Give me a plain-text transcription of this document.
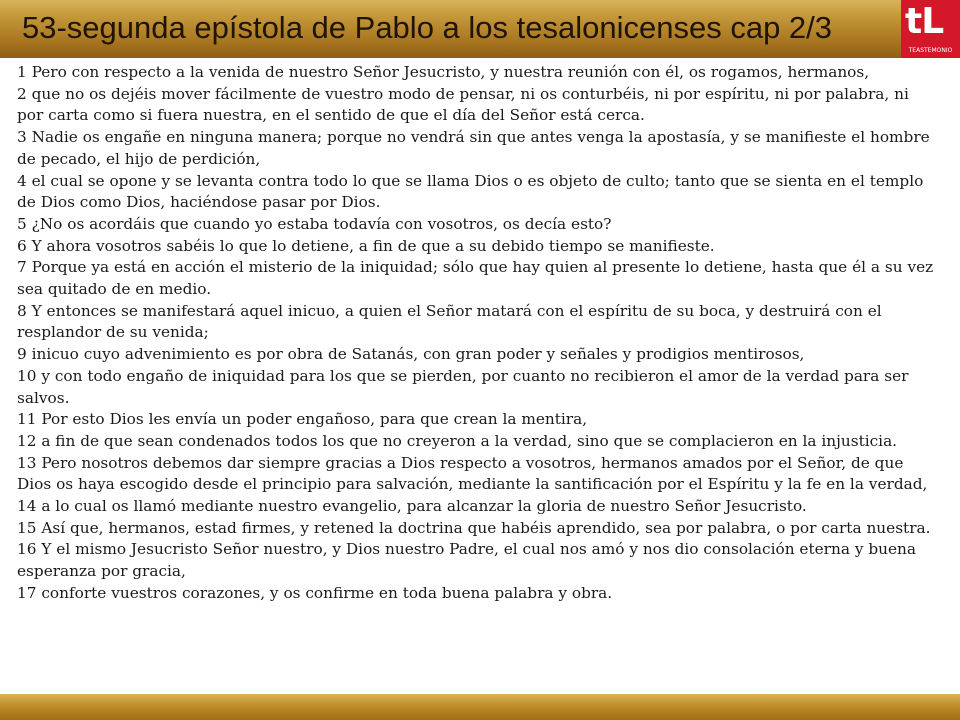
53-segunda epístola de Pablo a los tesalonicenses cap 2/3	tL
TEASTEMONIO
1 Pero con respecto a la venida de nuestro Señor Jesucristo, y nuestra reunión con él, os rogamos, hermanos,
2 que no os dejéis mover fácilmente de vuestro modo de pensar, ni os conturbéis, ni por espíritu, ni por palabra, ni por carta como si fuera nuestra, en el sentido de que el día del Señor está cerca.
3 Nadie os engañe en ninguna manera; porque no vendrá sin que antes venga la apostasía, y se manifieste el hombre de pecado, el hijo de perdición,
4 el cual se opone y se levanta contra todo lo que se llama Dios o es objeto de culto; tanto que se sienta en el templo de Dios como Dios, haciéndose pasar por Dios.
5 ¿No os acordáis que cuando yo estaba todavía con vosotros, os decía esto?
6 Y ahora vosotros sabéis lo que lo detiene, a fin de que a su debido tiempo se manifieste.
7 Porque ya está en acción el misterio de la iniquidad; sólo que hay quien al presente lo detiene, hasta que él a su vez sea quitado de en medio.
8 Y entonces se manifestará aquel inicuo, a quien el Señor matará con el espíritu de su boca, y destruirá con el resplandor de su venida;
9 inicuo cuyo advenimiento es por obra de Satanás, con gran poder y señales y prodigios mentirosos,
10 y con todo engaño de iniquidad para los que se pierden, por cuanto no recibieron el amor de la verdad para ser salvos.
11 Por esto Dios les envía un poder engañoso, para que crean la mentira,
12 a fin de que sean condenados todos los que no creyeron a la verdad, sino que se complacieron en la injusticia.
13 Pero nosotros debemos dar siempre gracias a Dios respecto a vosotros, hermanos amados por el Señor, de que Dios os haya escogido desde el principio para salvación, mediante la santificación por el Espíritu y la fe en la verdad,
14 a lo cual os llamó mediante nuestro evangelio, para alcanzar la gloria de nuestro Señor Jesucristo.
15 Así que, hermanos, estad firmes, y retened la doctrina que habéis aprendido, sea por palabra, o por carta nuestra.
16 Y el mismo Jesucristo Señor nuestro, y Dios nuestro Padre, el cual nos amó y nos dio consolación eterna y buena esperanza por gracia,
17 conforte vuestros corazones, y os confirme en toda buena palabra y obra.
